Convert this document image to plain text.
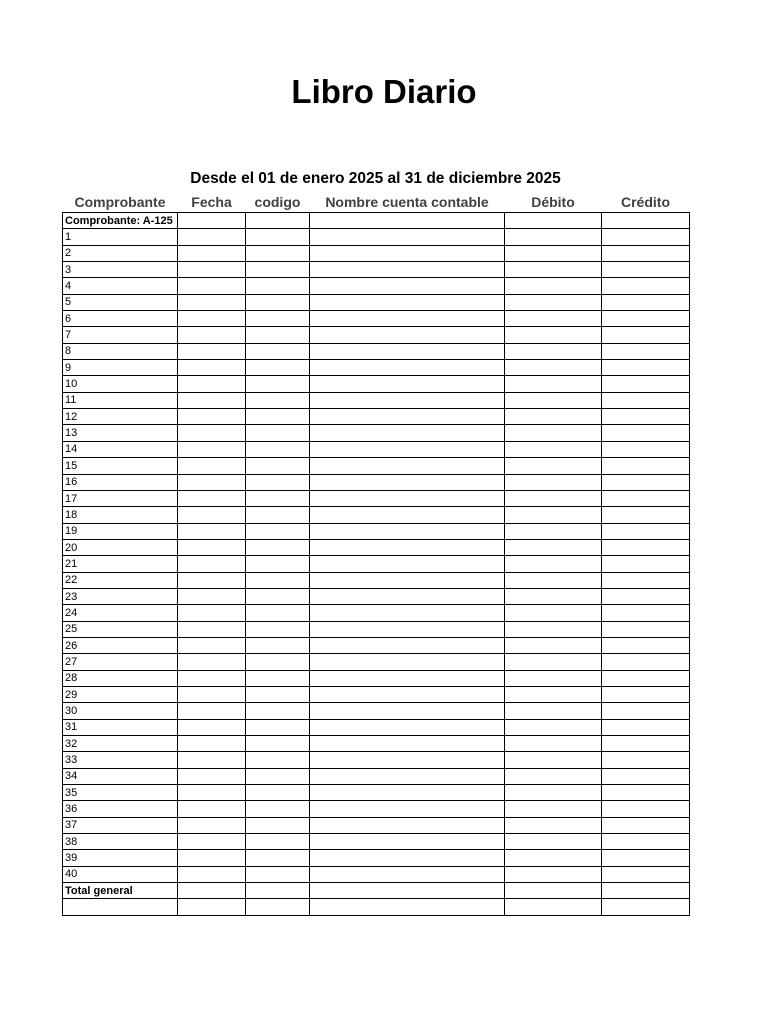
Libro Diario
Desde el 01 de enero 2025 al 31 de diciembre 2025
Comprobante	Fecha	codigo	Nombre cuenta contable	Débito	Crédito
Comprobante: A-125					
1					
2					
3					
4					
5					
6					
7					
8					
9					
10					
11					
12					
13					
14					
15					
16					
17					
18					
19					
20					
21					
22					
23					
24					
25					
26					
27					
28					
29					
30					
31					
32					
33					
34					
35					
36					
37					
38					
39					
40					
Total general					
